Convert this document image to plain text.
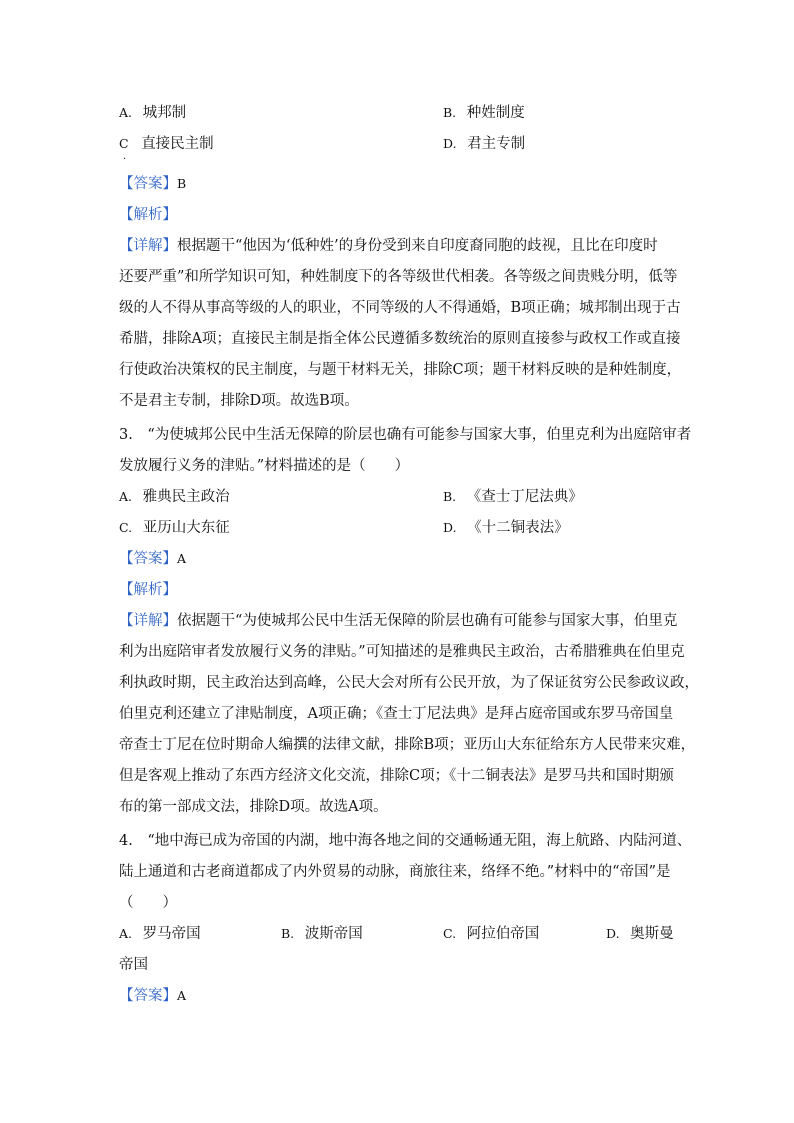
A. 城邦制	B. 种姓制度
C 直接民主制	D. 君主专制
·
【答案】B
【解析】
【详解】根据题干“他因为‘低种姓’的身份受到来自印度裔同胞的歧视，且比在印度时
还要严重”和所学知识可知，种姓制度下的各等级世代相袭。各等级之间贵贱分明，低等
级的人不得从事高等级的人的职业，不同等级的人不得通婚，B项正确；城邦制出现于古
希腊，排除A项；直接民主制是指全体公民遵循多数统治的原则直接参与政权工作或直接
行使政治决策权的民主制度，与题干材料无关，排除C项；题干材料反映的是种姓制度，
不是君主专制，排除D项。故选B项。
3.　“为使城邦公民中生活无保障的阶层也确有可能参与国家大事，伯里克利为出庭陪审者
发放履行义务的津贴。”材料描述的是（　　）
A. 雅典民主政治	B. 《查士丁尼法典》
C. 亚历山大东征	D. 《十二铜表法》
【答案】A
【解析】
【详解】依据题干“为使城邦公民中生活无保障的阶层也确有可能参与国家大事，伯里克
利为出庭陪审者发放履行义务的津贴。”可知描述的是雅典民主政治，古希腊雅典在伯里克
利执政时期，民主政治达到高峰，公民大会对所有公民开放，为了保证贫穷公民参政议政，
伯里克利还建立了津贴制度，A项正确；《查士丁尼法典》是拜占庭帝国或东罗马帝国皇
帝查士丁尼在位时期命人编撰的法律文献，排除B项；亚历山大东征给东方人民带来灾难，
但是客观上推动了东西方经济文化交流，排除C项；《十二铜表法》是罗马共和国时期颁
布的第一部成文法，排除D项。故选A项。
4.　“地中海已成为帝国的内湖，地中海各地之间的交通畅通无阻，海上航路、内陆河道、
陆上通道和古老商道都成了内外贸易的动脉，商旅往来，络绎不绝。”材料中的“帝国”是
（　　）
A. 罗马帝国	B. 波斯帝国	C. 阿拉伯帝国	D. 奥斯曼
帝国
【答案】A
